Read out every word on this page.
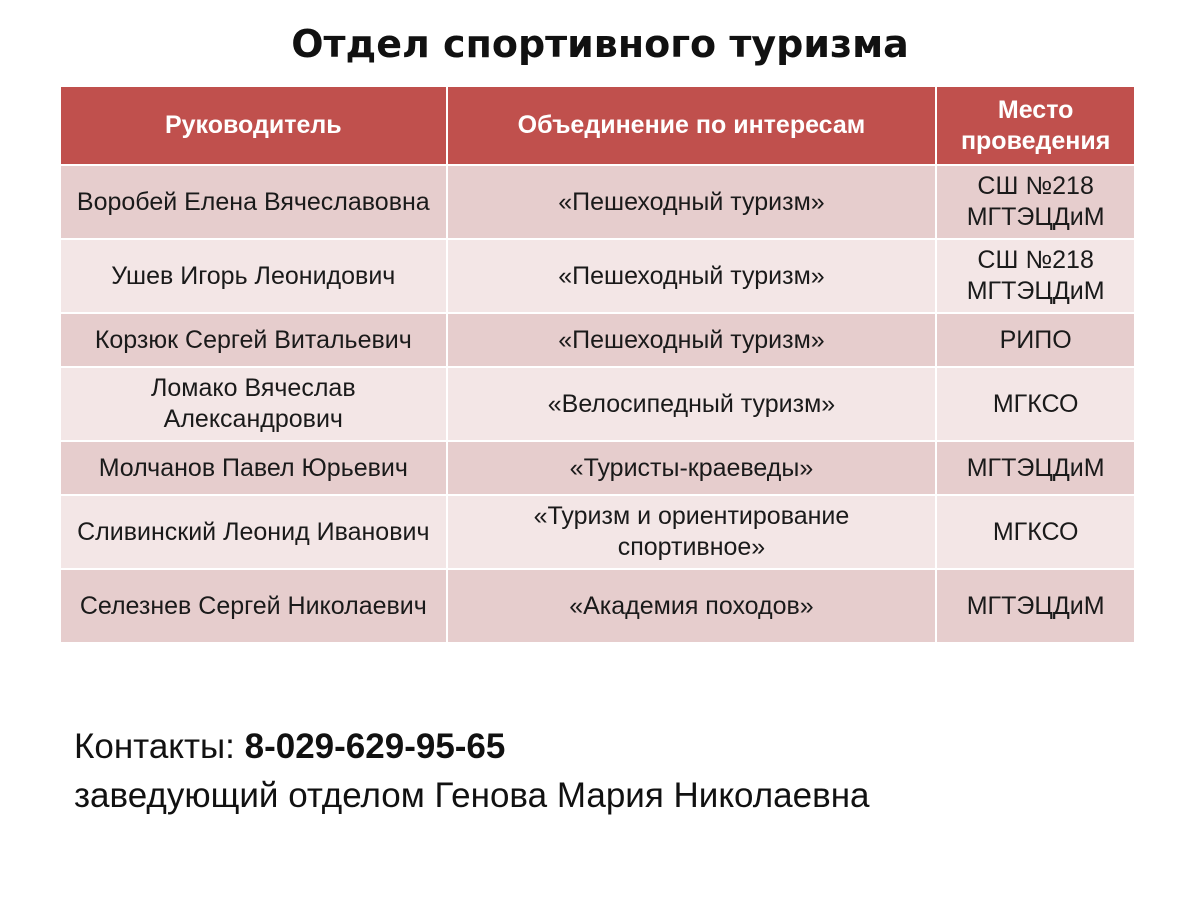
Отдел спортивного туризма
Руководитель	Объединение по интересам	Место
проведения
Воробей Елена Вячеславовна	«Пешеходный туризм»	СШ №218
МГТЭЦДиМ
Ушев Игорь Леонидович	«Пешеходный туризм»	СШ №218
МГТЭЦДиМ
Корзюк Сергей Витальевич	«Пешеходный туризм»	РИПО
Ломако Вячеслав Александрович	«Велосипедный туризм»	МГКСО
Молчанов Павел Юрьевич	«Туристы-краеведы»	МГТЭЦДиМ
Сливинский Леонид Иванович	«Туризм и ориентирование спортивное»	МГКСО
Селезнев Сергей Николаевич	«Академия походов»	МГТЭЦДиМ
Контакты: 8-029-629-95-65
заведующий отделом Генова Мария Николаевна
